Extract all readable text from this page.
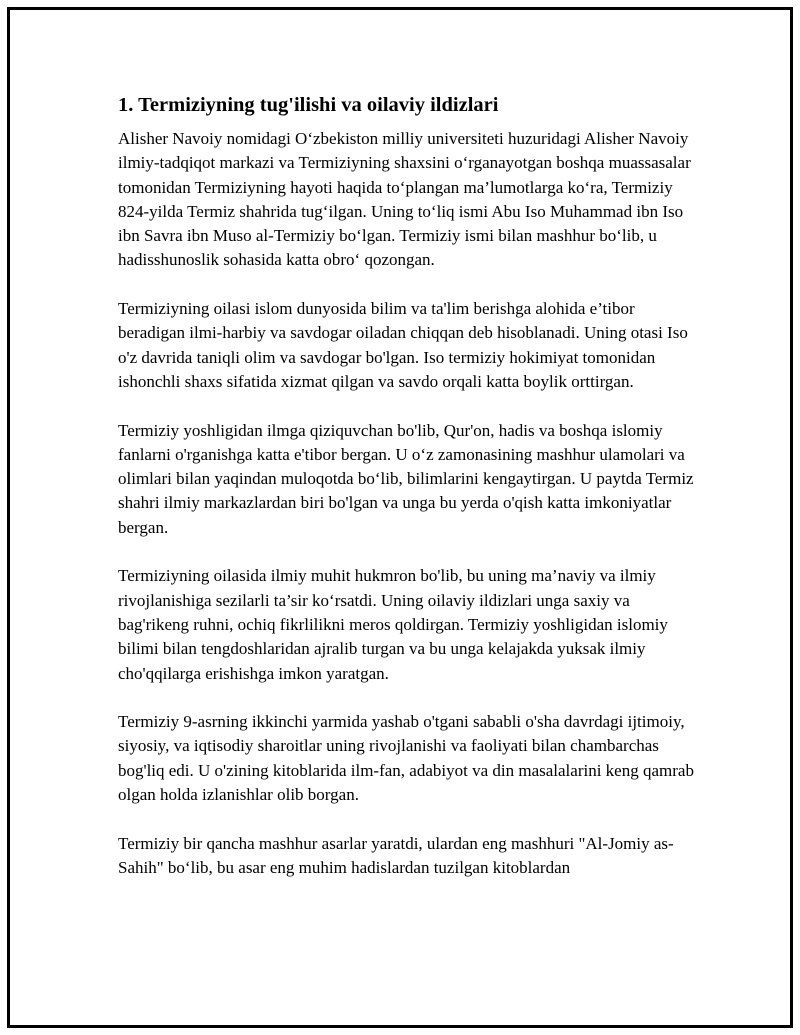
1. Termiziyning tug'ilishi va oilaviy ildizlari

Alisher Navoiy nomidagi O‘zbekiston milliy universiteti huzuridagi Alisher Navoiy ilmiy-tadqiqot markazi va Termiziyning shaxsini o‘rganayotgan boshqa muassasalar tomonidan Termiziyning hayoti haqida to‘plangan ma’lumotlarga ko‘ra, Termiziy 824-yilda Termiz shahrida tug‘ilgan. Uning to‘liq ismi Abu Iso Muhammad ibn Iso ibn Savra ibn Muso al-Termiziy bo‘lgan. Termiziy ismi bilan mashhur bo‘lib, u hadisshunoslik sohasida katta obro‘ qozongan.

Termiziyning oilasi islom dunyosida bilim va ta'lim berishga alohida e’tibor beradigan ilmi-harbiy va savdogar oiladan chiqqan deb hisoblanadi. Uning otasi Iso o'z davrida taniqli olim va savdogar bo'lgan. Iso termiziy hokimiyat tomonidan ishonchli shaxs sifatida xizmat qilgan va savdo orqali katta boylik orttirgan.

Termiziy yoshligidan ilmga qiziquvchan bo'lib, Qur'on, hadis va boshqa islomiy fanlarni o'rganishga katta e'tibor bergan. U o‘z zamonasining mashhur ulamolari va olimlari bilan yaqindan muloqotda bo‘lib, bilimlarini kengaytirgan. U paytda Termiz shahri ilmiy markazlardan biri bo'lgan va unga bu yerda o'qish katta imkoniyatlar bergan.

Termiziyning oilasida ilmiy muhit hukmron bo'lib, bu uning ma’naviy va ilmiy rivojlanishiga sezilarli ta’sir ko‘rsatdi. Uning oilaviy ildizlari unga saxiy va bag'rikeng ruhni, ochiq fikrlilikni meros qoldirgan. Termiziy yoshligidan islomiy bilimi bilan tengdoshlaridan ajralib turgan va bu unga kelajakda yuksak ilmiy cho'qqilarga erishishga imkon yaratgan.

Termiziy 9-asrning ikkinchi yarmida yashab o'tgani sababli o'sha davrdagi ijtimoiy, siyosiy, va iqtisodiy sharoitlar uning rivojlanishi va faoliyati bilan chambarchas bog'liq edi. U o'zining kitoblarida ilm-fan, adabiyot va din masalalarini keng qamrab olgan holda izlanishlar olib borgan.

Termiziy bir qancha mashhur asarlar yaratdi, ulardan eng mashhuri "Al-Jomiy as-Sahih" bo‘lib, bu asar eng muhim hadislardan tuzilgan kitoblardan
